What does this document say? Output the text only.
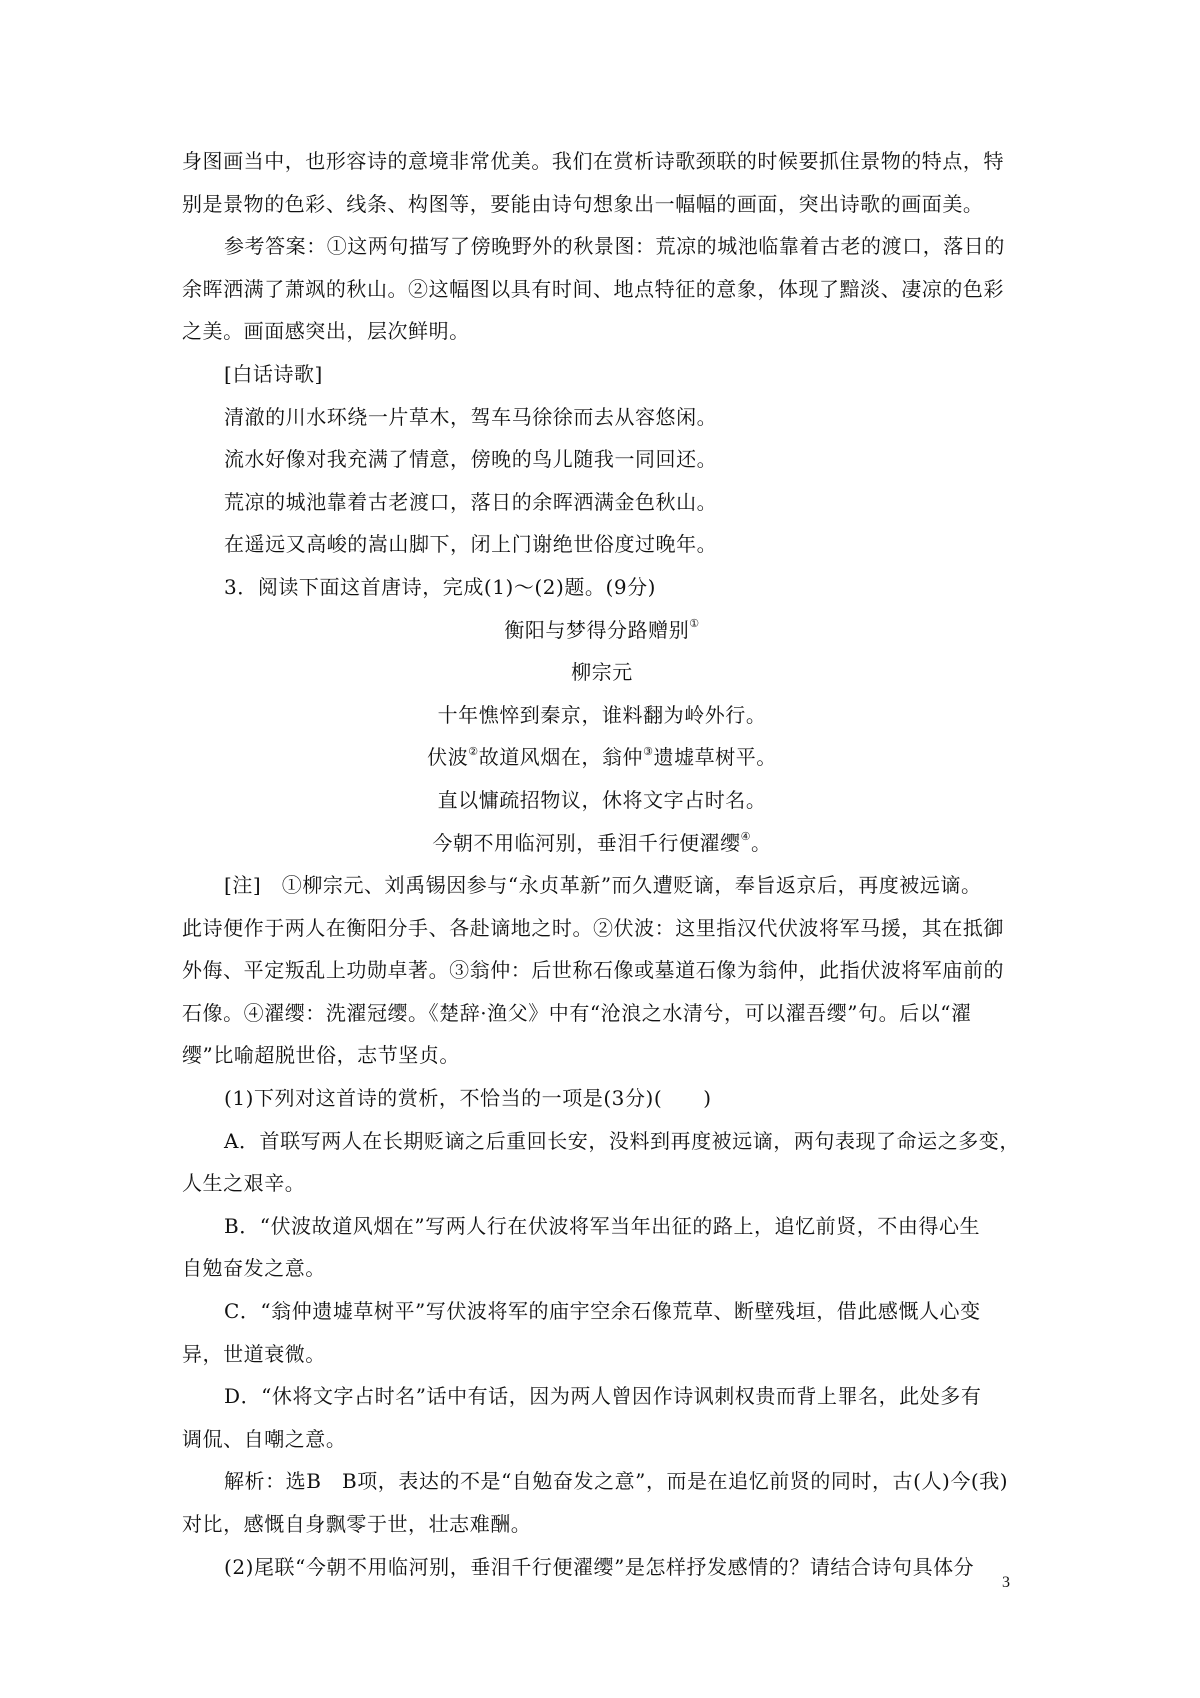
身图画当中，也形容诗的意境非常优美。我们在赏析诗歌颈联的时候要抓住景物的特点，特
别是景物的色彩、线条、构图等，要能由诗句想象出一幅幅的画面，突出诗歌的画面美。
参考答案：①这两句描写了傍晚野外的秋景图：荒凉的城池临靠着古老的渡口，落日的
余晖洒满了萧飒的秋山。②这幅图以具有时间、地点特征的意象，体现了黯淡、凄凉的色彩
之美。画面感突出，层次鲜明。
[白话诗歌]
清澈的川水环绕一片草木，驾车马徐徐而去从容悠闲。
流水好像对我充满了情意，傍晚的鸟儿随我一同回还。
荒凉的城池靠着古老渡口，落日的余晖洒满金色秋山。
在遥远又高峻的嵩山脚下，闭上门谢绝世俗度过晚年。
3．阅读下面这首唐诗，完成(1)～(2)题。(9分)
衡阳与梦得分路赠别①
柳宗元
十年憔悴到秦京，谁料翻为岭外行。
伏波②故道风烟在，翁仲③遗墟草树平。
直以慵疏招物议，休将文字占时名。
今朝不用临河别，垂泪千行便濯缨④。
[注]　①柳宗元、刘禹锡因参与“永贞革新”而久遭贬谪，奉旨返京后，再度被远谪。
此诗便作于两人在衡阳分手、各赴谪地之时。②伏波：这里指汉代伏波将军马援，其在抵御
外侮、平定叛乱上功勋卓著。③翁仲：后世称石像或墓道石像为翁仲，此指伏波将军庙前的
石像。④濯缨：洗濯冠缨。《楚辞·渔父》中有“沧浪之水清兮，可以濯吾缨”句。后以“濯
缨”比喻超脱世俗，志节坚贞。
(1)下列对这首诗的赏析，不恰当的一项是(3分)(　　)
A．首联写两人在长期贬谪之后重回长安，没料到再度被远谪，两句表现了命运之多变，
人生之艰辛。
B．“伏波故道风烟在”写两人行在伏波将军当年出征的路上，追忆前贤，不由得心生
自勉奋发之意。
C．“翁仲遗墟草树平”写伏波将军的庙宇空余石像荒草、断壁残垣，借此感慨人心变
异，世道衰微。
D．“休将文字占时名”话中有话，因为两人曾因作诗讽刺权贵而背上罪名，此处多有
调侃、自嘲之意。
解析：选B　B项，表达的不是“自勉奋发之意”，而是在追忆前贤的同时，古(人)今(我)
对比，感慨自身飘零于世，壮志难酬。
(2)尾联“今朝不用临河别，垂泪千行便濯缨”是怎样抒发感情的？请结合诗句具体分
3
